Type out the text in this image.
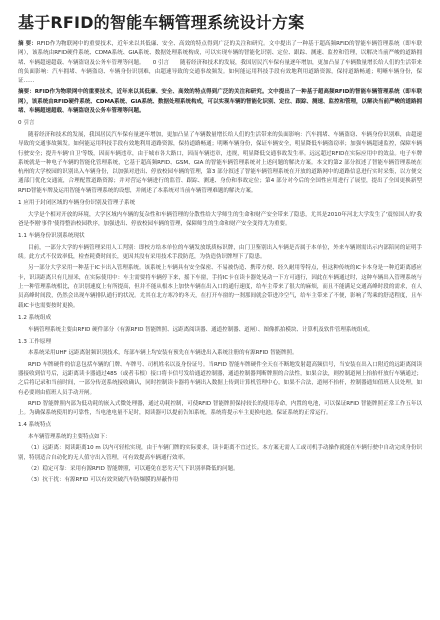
基于RFID的智能车辆管理系统设计方案

摘 要：RFID作为物联网中的重要技术，近年来以其低廉、安全、高效的特点得到广泛的关注和研究。文中提出了一种基于超高频RFID的智能车辆管理系统（即车联网），该系统由RFID硬件系统、CDMA系统、GIA系统、数据处理系统构成，可以实现车辆的智能化识别、定位、跟踪、测速、监控和管理，以解决当前严峻的道路拥堵、车辆超速超载、车辆盗窃及公务车管理等问题。　　0 引言　　随着经济和技术的发展，我国居民汽车保有量逐年增加，更加凸显了车辆数量增长给人们的生活带来的负面影响：汽车拥堵、车辆盗窃、车辆身份识别难，由超速导致的交通事故频发。如何能运用科技手段有效地利用道路资源，保持道路畅通；明晰车辆身份，保证……

摘要：RFID作为物联网中的重要技术，近年来以其低廉、安全、高效的特点得到广泛的关注和研究。文中提出了一种基于超高频RFID的智能车辆管理系统（即车联网），该系统由RFID硬件系统、CDMA系统、GIA系统、数据处理系统构成，可以实现车辆的智能化识别、定位、跟踪、测速、监控和管理，以解决当前严峻的道路拥堵、车辆超速超载、车辆盗窃及公务车管理等问题。

0 引言

随着经济和技术的发展，我国居民汽车保有量逐年增加，更加凸显了车辆数量增长给人们的生活带来的负面影响：汽车拥堵、车辆盗窃、车辆身份识别难，由超速导致的交通事故频发。如何能运用科技手段有效地利用道路资源，保持道路畅通；明晰车辆身份，保证车辆安全，明显降低车辆盗窃率；加强车辆超速监控，保障车辆行驶安全；提升车辆'自卫'等级，因而车辆违章，由于城市各大路口，因而车辆违章，违规，明显降低交通事故发生率。远远超过RFID在实际应用中的效益。电子车牌系统就是一种电子车辆的智能化管理系统，它基于超高频RFID、GSM、GIA 的智能车辆管理系统对上述问题的解决方案。本文的第2 部分叙述了智能车辆管理系统在杭州的大学校园的识别出入车辆身份，以加强对进出、停放校园车辆的管理，第3 部分叙述了智能车辆管理系统在开放的道路网中的道路信息进行实时采集，以方便交通部门优化交通流，合理配置道路资源；并对营运车辆进行的监管、跟踪、测速、身份和事故定位；第4 部分对今后的全国性应用进行了展望，提出了全国更换新型RFID智能车牌及运用智能车辆管理系统的设想，并阐述了本系统对当前车辆管理难题的解决方案。

1 应用于封闭区域的车辆身份识别及管理子系统

大学是个相对开放的环境，大学区域内车辆的复杂性和车辆管理的分散性给大学师生的生命和财产安全带来了隐患，尤其是2010年河北大学发生了'震惊国人的'我爸是李刚'事件'使得整治校园秩序，加强进出、停放校园车辆的管理，保障师生的生命和财产安全变得尤为重要。

1.1 车辆身份识别系统现状

目前，一部分大学的车辆管理采用人工判别：即校方给本单位的车辆发放纸质标识牌，由门卫鉴别出入车辆是否属于本单位，外来车辆则需出示内部陪同的证明手续。此方式不仅效率低，检查耗费时间长，更因其没有采用技术手段防范，为伪造伪识牌埋下了隐患。

另一部分大学采用一种基于IC卡出入管理系统。该系统上车辆具有安全保密、不易被伪造、携带方便、经久耐用等特点，但这种传统的IC卡本身是一种近距离感应卡，识读距离只有几厘米，在实际使用中：车主需要将车辆停下来，摇下车窗，手持IC卡在读卡器处晃动一下方可通行，因此在车辆通过时，这种车辆出入管理系统与上一种管理系统相比，在识别速度上有所提高，但并不能从根本上加快车辆在出入口的通行速度，给车主带来了很大的麻烦，而且不能满足交通高峰时段的需求，在人员高峰时间段，仍然会出现车辆排队通行的状况。尤其在北方寒冷的冬天，在打开车窗的一刹那间就会带进冷空气，给车主带来了不便，影响了驾乘的舒适程度，且车载IC卡也需要按时更换。

1.2 系统组成

车辆管理系统主要由RFID 硬件部分（有源RFID 智能牌照、远距离阅读器、通道控制器、道闸）、图像抓拍模块、计算机及软件管理系统组成。

1.3 工作原理

本系统采用UHF 远距离射频识别技术，每部车辆上均安装有预先在车辆进出入系统注册的有源RFID 智能牌照。

RFID 车牌硬件的信息包括车辆的门牌、车牌号、司机姓名以及身份证号。当RFID 智能车牌硬件全天在不断地发射超高频信号，当安装在出入口附近的远距离阅读器接收到信号后，远距离读卡器通过485（或者韦根）接口将卡信号发给通道控制器，通道控制器判断牌照的合法性，如果合法，则控制道闸上抬抬杆放行车辆通过；之后将记录和当前时间，一部分传送系统接收确认，同时控制读卡器将车辆出入数据上传到计算机管理中心，如果不合法，道闸不抬杆，控制器通知值班人员处理，如有必要则由值班人员手动开闸。

RFID 智能牌照内部为低功耗的嵌入式微处理器，通过功耗控制，可使RFID 智能牌照保持较长的使用寿命，内置的电池，可以保证RFID 智能牌照正常工作五年以上。为确保系统使用的可靠性，当电池电量不足时，阅读器可以提前告知系统，系统将提示车主更换电池，保证系统的正常运行。

1.4 系统特点

本车辆管理系统的主要特点如下：

（1）远距离：阅读距离10 m 以内可轻松实现，由于车辆门牌的实际要求，读卡距离不宜过长。本方案无需人工或司机手动操作就能在车辆行驶中自动完成身份识别，特别适合自动化的无人值守出入管理，可有效提高车辆通行效率。

（2）稳定可靠：采用有源RFID 智能牌照，可以避免在恶劣天气下识别率降低的问题。

（3）抗干扰：有源RFID 可以有效突破汽车防爆膜的屏蔽作用
